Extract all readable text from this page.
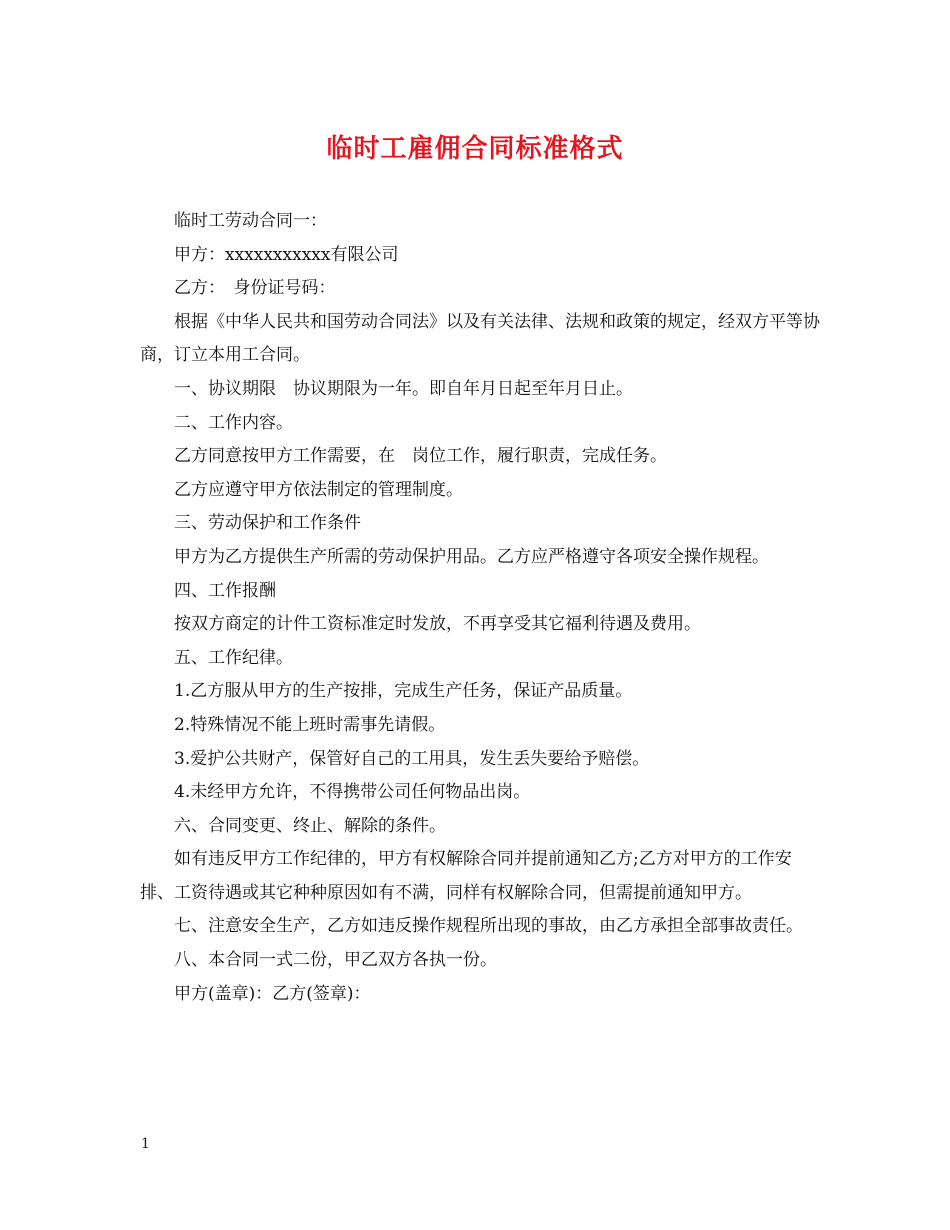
临时工雇佣合同标准格式

临时工劳动合同一：

甲方：xxxxxxxxxxx有限公司

乙方：　身份证号码：

根据《中华人民共和国劳动合同法》以及有关法律、法规和政策的规定，经双方平等协商，订立本用工合同。

一、协议期限　协议期限为一年。即自年月日起至年月日止。

二、工作内容。

乙方同意按甲方工作需要，在　岗位工作，履行职责，完成任务。

乙方应遵守甲方依法制定的管理制度。

三、劳动保护和工作条件

甲方为乙方提供生产所需的劳动保护用品。乙方应严格遵守各项安全操作规程。

四、工作报酬

按双方商定的计件工资标准定时发放，不再享受其它福利待遇及费用。

五、工作纪律。

1.乙方服从甲方的生产按排，完成生产任务，保证产品质量。

2.特殊情况不能上班时需事先请假。

3.爱护公共财产，保管好自己的工用具，发生丢失要给予赔偿。

4.未经甲方允许，不得携带公司任何物品出岗。

六、合同变更、终止、解除的条件。

如有违反甲方工作纪律的，甲方有权解除合同并提前通知乙方;乙方对甲方的工作安排、工资待遇或其它种种原因如有不满，同样有权解除合同，但需提前通知甲方。

七、注意安全生产，乙方如违反操作规程所出现的事故，由乙方承担全部事故责任。

八、本合同一式二份，甲乙双方各执一份。

甲方(盖章)：乙方(签章)：

1
